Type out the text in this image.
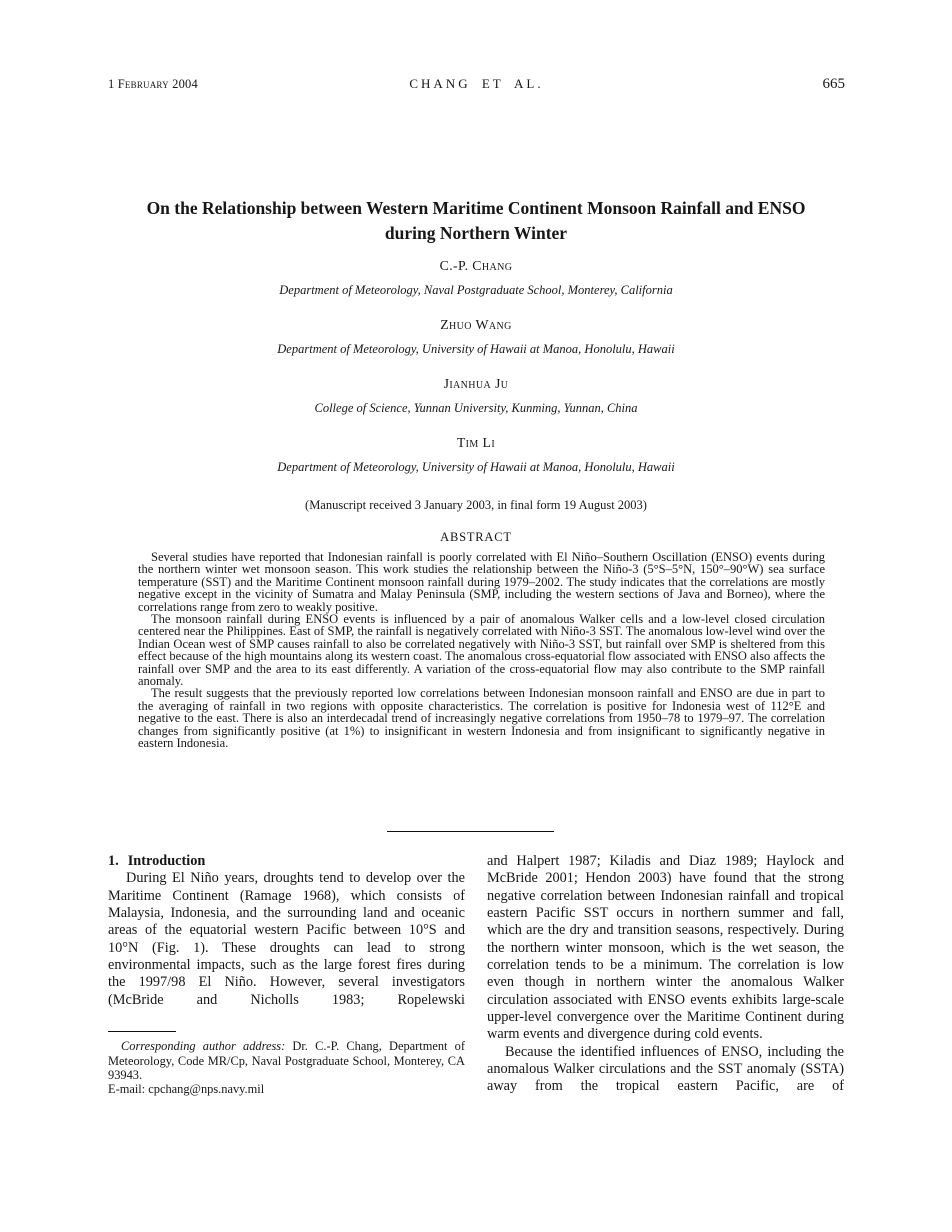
1 February 2004	CHANG ET AL.	665
On the Relationship between Western Maritime Continent Monsoon Rainfall and ENSO during Northern Winter
C.-P. Chang
Department of Meteorology, Naval Postgraduate School, Monterey, California
Zhuo Wang
Department of Meteorology, University of Hawaii at Manoa, Honolulu, Hawaii
Jianhua Ju
College of Science, Yunnan University, Kunming, Yunnan, China
Tim Li
Department of Meteorology, University of Hawaii at Manoa, Honolulu, Hawaii
(Manuscript received 3 January 2003, in final form 19 August 2003)
ABSTRACT

Several studies have reported that Indonesian rainfall is poorly correlated with El Niño–Southern Oscillation (ENSO) events during the northern winter wet monsoon season. This work studies the relationship between the Niño-3 (5°S–5°N, 150°–90°W) sea surface temperature (SST) and the Maritime Continent monsoon rainfall during 1979–2002. The study indicates that the correlations are mostly negative except in the vicinity of Sumatra and Malay Peninsula (SMP, including the western sections of Java and Borneo), where the correlations range from zero to weakly positive.

The monsoon rainfall during ENSO events is influenced by a pair of anomalous Walker cells and a low-level closed circulation centered near the Philippines. East of SMP, the rainfall is negatively correlated with Niño-3 SST. The anomalous low-level wind over the Indian Ocean west of SMP causes rainfall to also be correlated negatively with Niño-3 SST, but rainfall over SMP is sheltered from this effect because of the high mountains along its western coast. The anomalous cross-equatorial flow associated with ENSO also affects the rainfall over SMP and the area to its east differently. A variation of the cross-equatorial flow may also contribute to the SMP rainfall anomaly.

The result suggests that the previously reported low correlations between Indonesian monsoon rainfall and ENSO are due in part to the averaging of rainfall in two regions with opposite characteristics. The correlation is positive for Indonesia west of 112°E and negative to the east. There is also an interdecadal trend of increasingly negative correlations from 1950–78 to 1979–97. The correlation changes from significantly positive (at 1%) to insignificant in western Indonesia and from insignificant to significantly negative in eastern Indonesia.

1. Introduction

During El Niño years, droughts tend to develop over the Maritime Continent (Ramage 1968), which consists of Malaysia, Indonesia, and the surrounding land and oceanic areas of the equatorial western Pacific between 10°S and 10°N (Fig. 1). These droughts can lead to strong environmental impacts, such as the large forest fires during the 1997/98 El Niño. However, several investigators (McBride and Nicholls 1983; Ropelewski

Corresponding author address: Dr. C.-P. Chang, Department of Meteorology, Code MR/Cp, Naval Postgraduate School, Monterey, CA 93943.

E-mail: cpchang@nps.navy.mil

and Halpert 1987; Kiladis and Diaz 1989; Haylock and McBride 2001; Hendon 2003) have found that the strong negative correlation between Indonesian rainfall and tropical eastern Pacific SST occurs in northern summer and fall, which are the dry and transition seasons, respectively. During the northern winter monsoon, which is the wet season, the correlation tends to be a minimum. The correlation is low even though in northern winter the anomalous Walker circulation associated with ENSO events exhibits large-scale upper-level convergence over the Maritime Continent during warm events and divergence during cold events.

Because the identified influences of ENSO, including the anomalous Walker circulations and the SST anomaly (SSTA) away from the tropical eastern Pacific, are of
